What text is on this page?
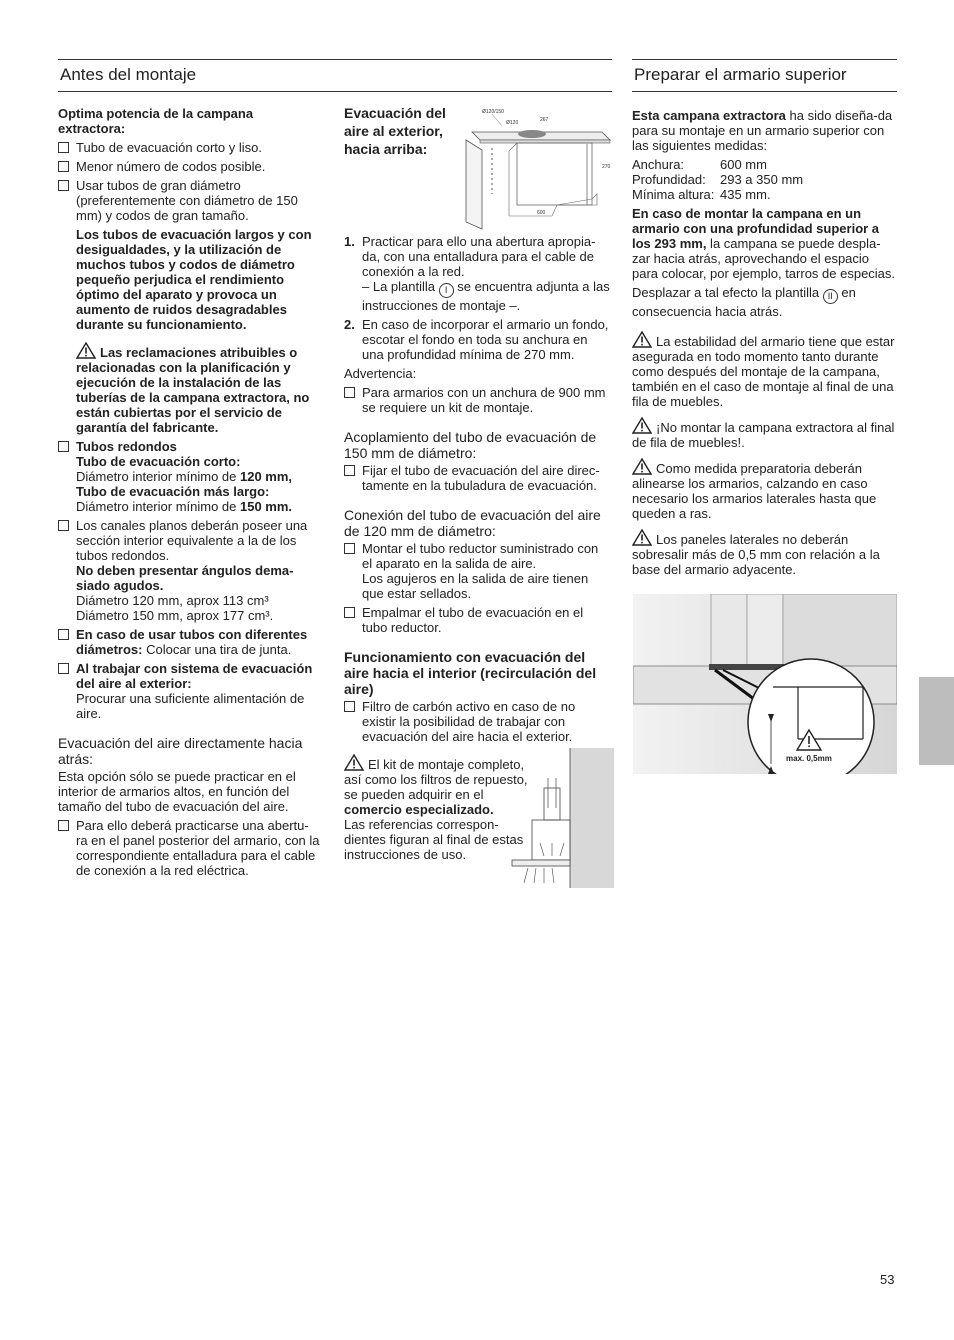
Antes del montaje

Optima potencia de la campana extractora:

Tubo de evacuación corto y liso.
Menor número de codos posible.
Usar tubos de gran diámetro (preferentemente con diámetro de 150 mm) y codos de gran tamaño.

Los tubos de evacuación largos y con desigualdades, y la utilización de muchos tubos y codos de diámetro pequeño perjudica el rendimiento óptimo del aparato y provoca un aumento de ruidos desagradables durante su funcionamiento.

Las reclamaciones atribuibles o relacionadas con la planificación y ejecución de la instalación de las tuberías de la campana extractora, no están cubiertas por el servicio de garantía del fabricante.

Tubos redondos
Tubo de evacuación corto:
Diámetro interior mínimo de 120 mm,
Tubo de evacuación más largo:
Diámetro interior mínimo de 150 mm.
Los canales planos deberán poseer una sección interior equivalente a la de los tubos redondos.
No deben presentar ángulos dema-siado agudos.
Diámetro 120 mm, aprox 113 cm³
Diámetro 150 mm, aprox 177 cm³.
En caso de usar tubos con diferentes diámetros: Colocar una tira de junta.
Al trabajar con sistema de evacuación del aire al exterior:
Procurar una suficiente alimentación de aire.
Evacuación del aire directamente hacia atrás:

Esta opción sólo se puede practicar en el interior de armarios altos, en función del tamaño del tubo de evacuación del aire.

Para ello deberá practicarse una abertu-ra en el panel posterior del armario, con la correspondiente entalladura para el cable de conexión a la red eléctrica.

Evacuación del aire al exterior, hacia arriba:

Ø120/150
267
Ø120
600
270
1. Practicar para ello una abertura apropia-da, con una entalladura para el cable de conexión a la red.
– La plantilla I se encuentra adjunta a las instrucciones de montaje –.
2. En caso de incorporar el armario un fondo, escotar el fondo en toda su anchura en una profundidad mínima de 270 mm.

Advertencia:

Para armarios con un anchura de 900 mm se requiere un kit de montaje.
Acoplamiento del tubo de evacuación de 150 mm de diámetro:
Fijar el tubo de evacuación del aire direc-tamente en la tubuladura de evacuación.
Conexión del tubo de evacuación del aire de 120 mm de diámetro:
Montar el tubo reductor suministrado con el aparato en la salida de aire.
Los agujeros en la salida de aire tienen que estar sellados.
Empalmar el tubo de evacuación en el tubo reductor.
Funcionamiento con evacuación del aire hacia el interior (recirculación del aire)
Filtro de carbón activo en caso de no existir la posibilidad de trabajar con evacuación del aire hacia el exterior.
El kit de montaje completo, así como los filtros de repuesto, se pueden adquirir en el comercio especializado.
Las referencias correspon-dientes figuran al final de estas instrucciones de uso.
Preparar el armario superior

Esta campana extractora ha sido diseña-da para su montaje en un armario superior con las siguientes medidas:

Anchura:	600 mm
Profundidad:	293 a 350 mm
Mínima altura: 435 mm.

En caso de montar la campana en un armario con una profundidad superior a los 293 mm, la campana se puede despla-zar hacia atrás, aprovechando el espacio para colocar, por ejemplo, tarros de especias.

Desplazar a tal efecto la plantilla II en consecuencia hacia atrás.

La estabilidad del armario tiene que estar asegurada en todo momento tanto durante como después del montaje de la campana, también en el caso de montaje al final de una fila de muebles.

¡No montar la campana extractora al final de fila de muebles!.

Como medida preparatoria deberán alinearse los armarios, calzando en caso necesario los armarios laterales hasta que queden a ras.

Los paneles laterales no deberán sobresalir más de 0,5 mm con relación a la base del armario adyacente.

max. 0,5mm
53
